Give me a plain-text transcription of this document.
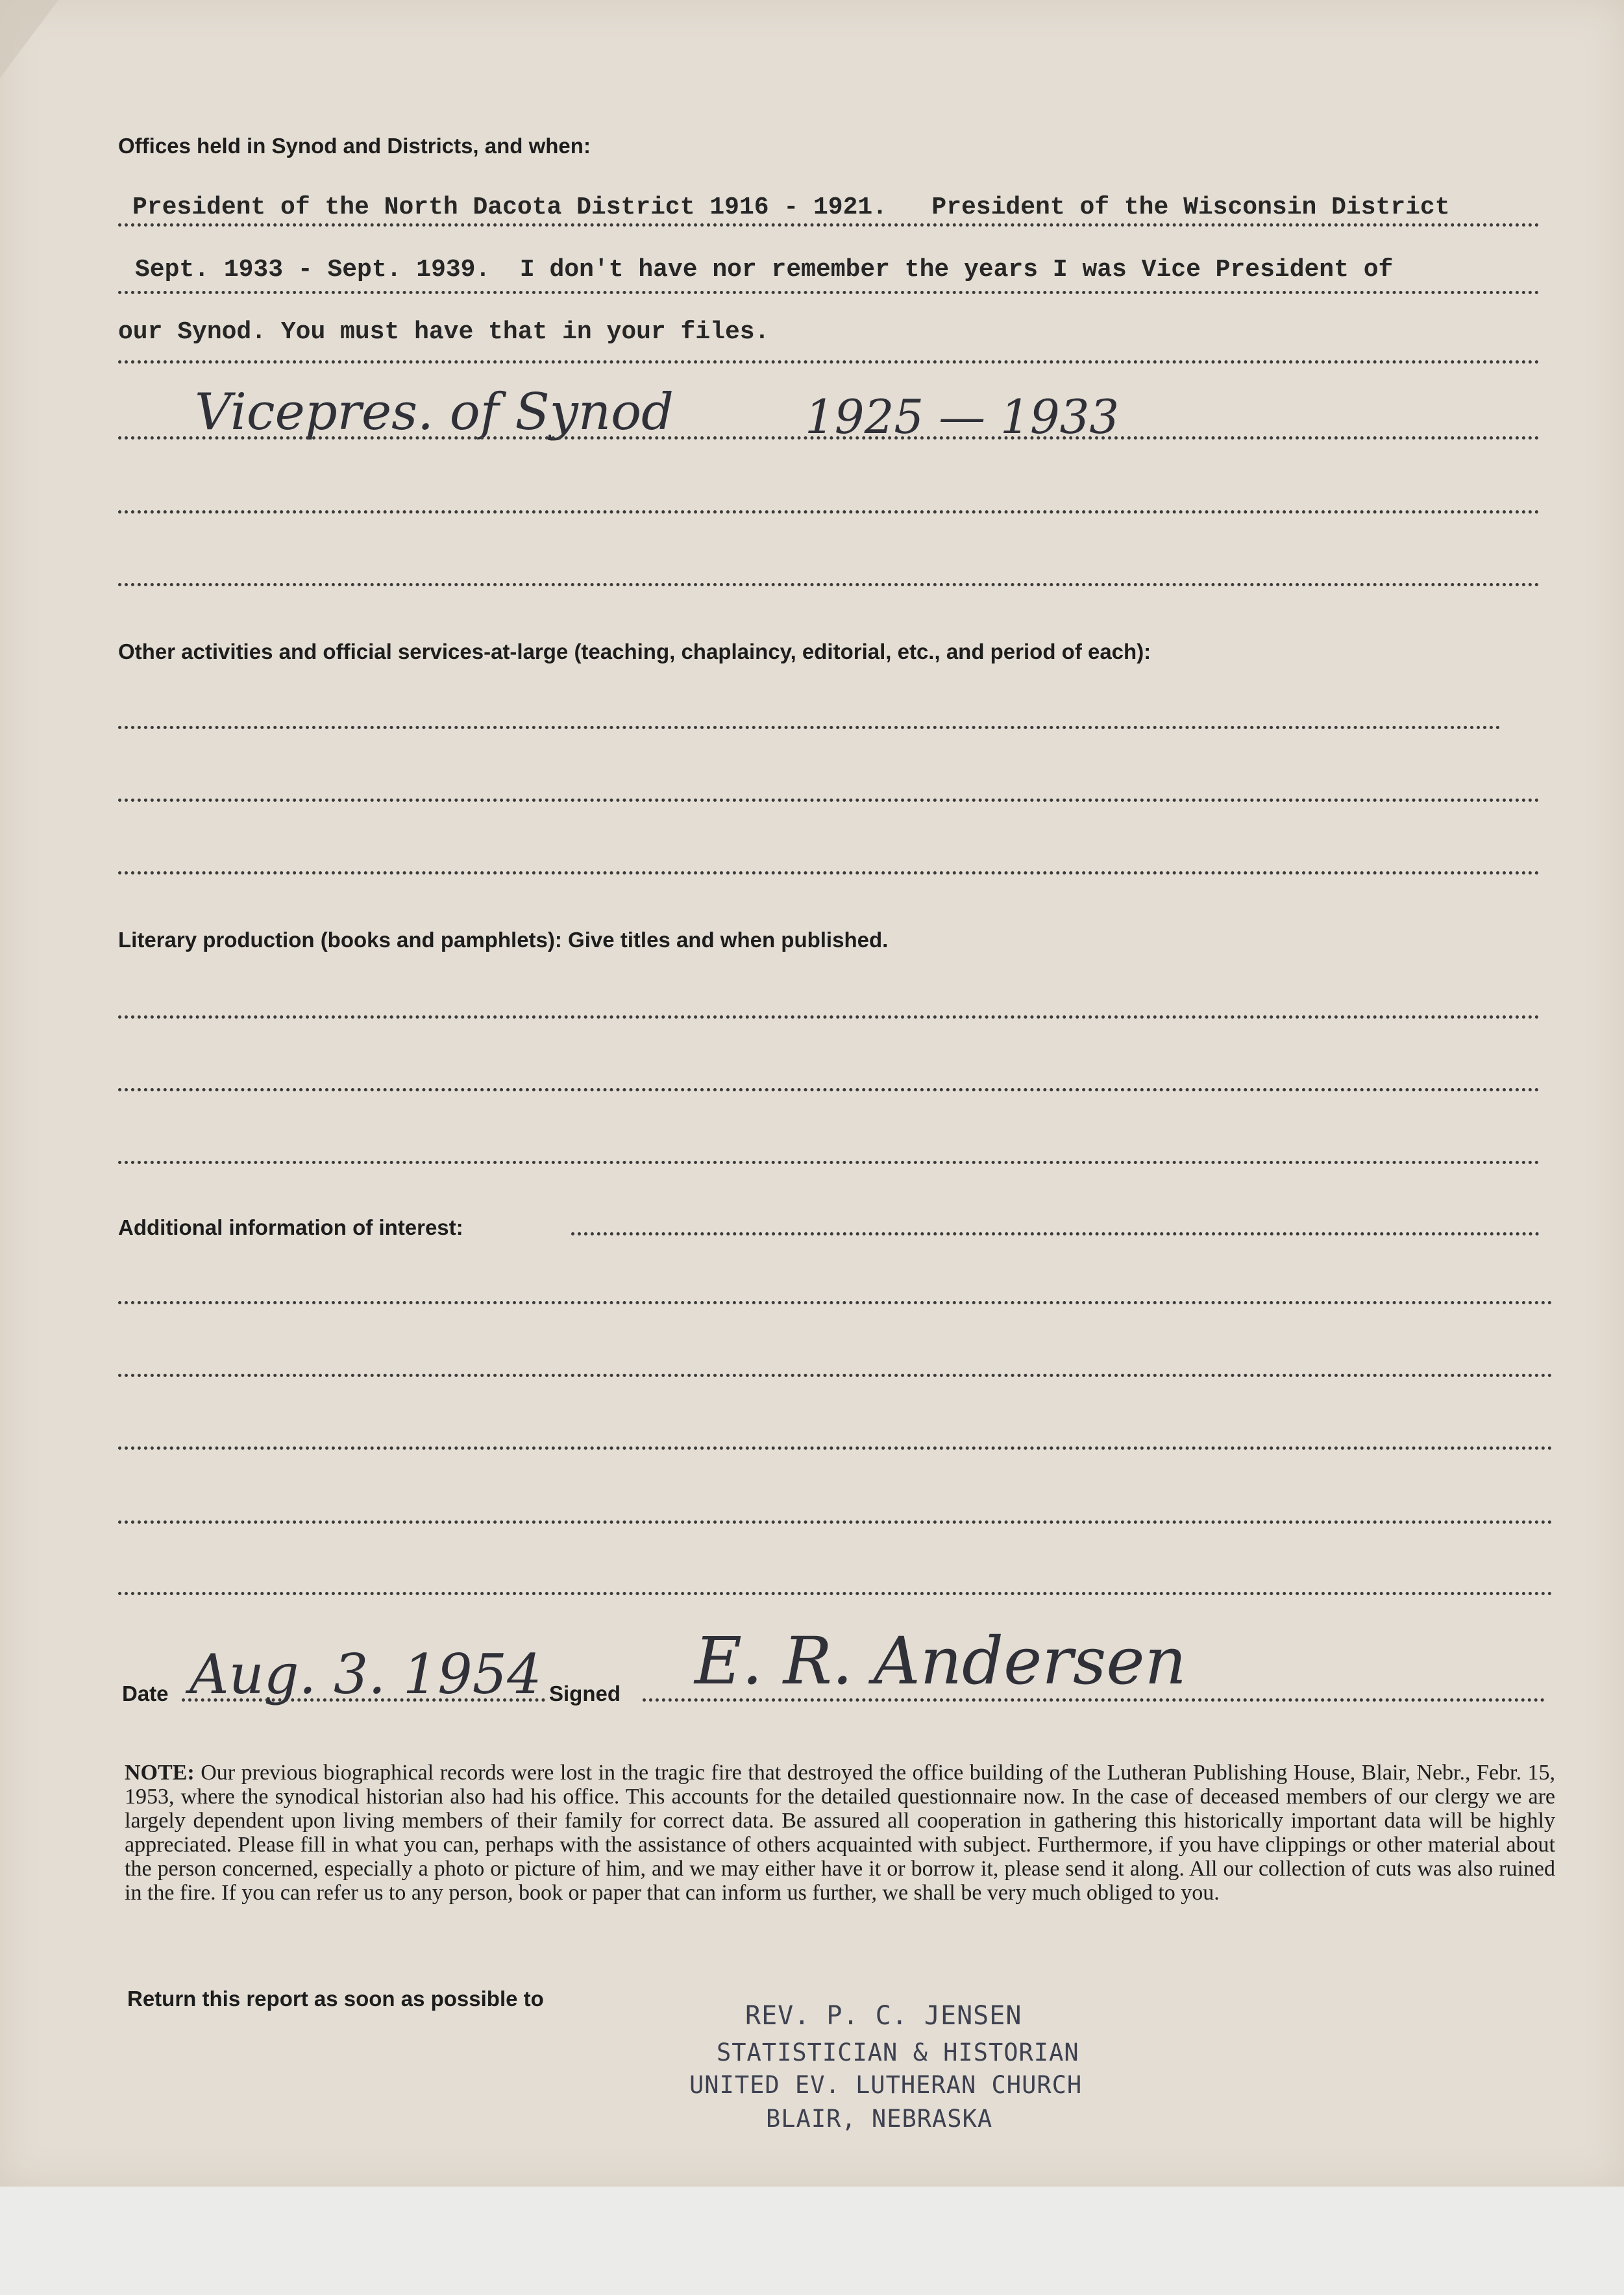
Offices held in Synod and Districts, and when:
President of the North Dacota District 1916 - 1921.   President of the Wisconsin District
Sept. 1933 - Sept. 1939.  I don't have nor remember the years I was Vice President of
our Synod. You must have that in your files.
Vicepres. of Synod	1925 — 1933
Other activities and official services-at-large (teaching, chaplaincy, editorial, etc., and period of each):
Literary production (books and pamphlets): Give titles and when published.
Additional information of interest:
Date Aug. 3. 1954 Signed E. R. Andersen
NOTE: Our previous biographical records were lost in the tragic fire that destroyed the office building of the Lutheran Publishing House, Blair, Nebr., Febr. 15, 1953, where the synodical historian also had his office. This accounts for the detailed questionnaire now. In the case of deceased members of our clergy we are largely dependent upon living members of their family for correct data. Be assured all cooperation in gathering this historically important data will be highly appreciated. Please fill in what you can, perhaps with the assistance of others acquainted with subject. Furthermore, if you have clippings or other material about the person concerned, especially a photo or picture of him, and we may either have it or borrow it, please send it along. All our collection of cuts was also ruined in the fire. If you can refer us to any person, book or paper that can inform us further, we shall be very much obliged to you.
Return this report as soon as possible to
REV. P. C. JENSEN
STATISTICIAN & HISTORIAN
UNITED EV. LUTHERAN CHURCH
BLAIR, NEBRASKA
